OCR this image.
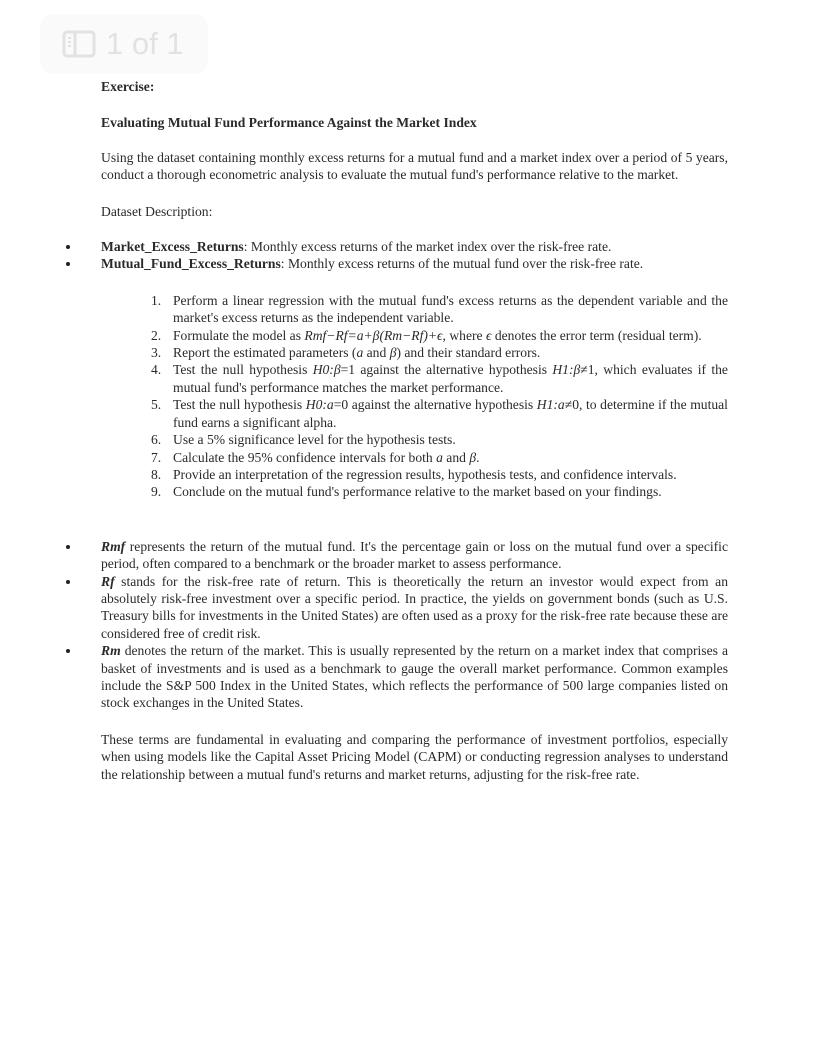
1 of 1

Exercise:

Evaluating Mutual Fund Performance Against the Market Index

Using the dataset containing monthly excess returns for a mutual fund and a market index over a period of 5 years, conduct a thorough econometric analysis to evaluate the mutual fund's performance relative to the market.

Dataset Description:

Market_Excess_Returns: Monthly excess returns of the market index over the risk-free rate.
Mutual_Fund_Excess_Returns: Monthly excess returns of the mutual fund over the risk-free rate.
1. Perform a linear regression with the mutual fund's excess returns as the dependent variable and the market's excess returns as the independent variable.
2. Formulate the model as Rmf−Rf=a+β(Rm−Rf)+ϵ, where ϵ denotes the error term (residual term).
3. Report the estimated parameters (a and β) and their standard errors.
4. Test the null hypothesis H0:β=1 against the alternative hypothesis H1:β≠1, which evaluates if the mutual fund's performance matches the market performance.
5. Test the null hypothesis H0:a=0 against the alternative hypothesis H1:a≠0, to determine if the mutual fund earns a significant alpha.
6. Use a 5% significance level for the hypothesis tests.
7. Calculate the 95% confidence intervals for both a and β.
8. Provide an interpretation of the regression results, hypothesis tests, and confidence intervals.
9. Conclude on the mutual fund's performance relative to the market based on your findings.
Rmf represents the return of the mutual fund. It's the percentage gain or loss on the mutual fund over a specific period, often compared to a benchmark or the broader market to assess performance.
Rf stands for the risk-free rate of return. This is theoretically the return an investor would expect from an absolutely risk-free investment over a specific period. In practice, the yields on government bonds (such as U.S. Treasury bills for investments in the United States) are often used as a proxy for the risk-free rate because these are considered free of credit risk.
Rm denotes the return of the market. This is usually represented by the return on a market index that comprises a basket of investments and is used as a benchmark to gauge the overall market performance. Common examples include the S&P 500 Index in the United States, which reflects the performance of 500 large companies listed on stock exchanges in the United States.

These terms are fundamental in evaluating and comparing the performance of investment portfolios, especially when using models like the Capital Asset Pricing Model (CAPM) or conducting regression analyses to understand the relationship between a mutual fund's returns and market returns, adjusting for the risk-free rate.
